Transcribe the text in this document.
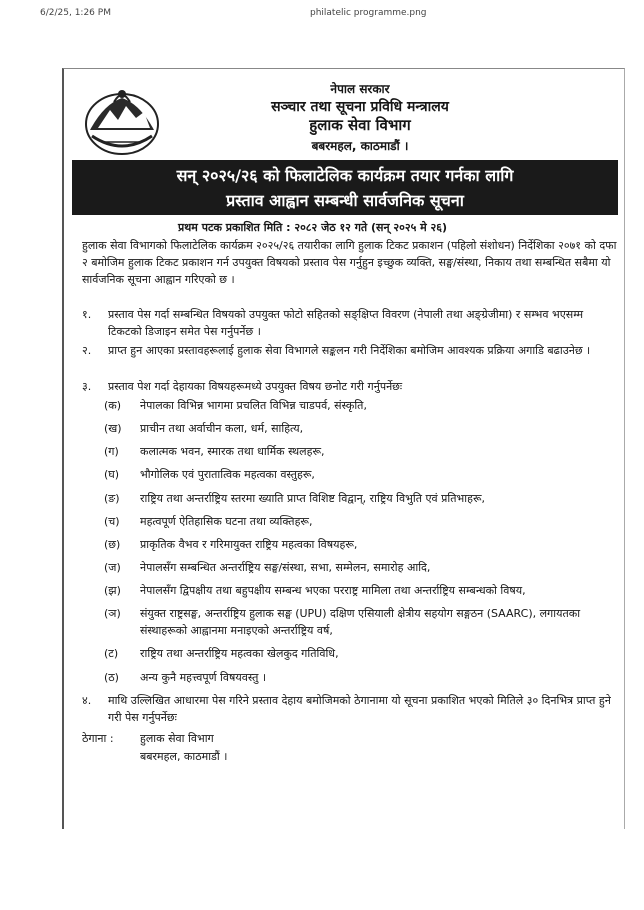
6/2/25, 1:26 PM	philatelic programme.png
नेपाल सरकार
सञ्चार तथा सूचना प्रविधि मन्त्रालय
हुलाक सेवा विभाग
बबरमहल, काठमाडौं ।
सन् २०२५/२६ को फिलाटेलिक कार्यक्रम तयार गर्नका लागि
प्रस्ताव आह्वान सम्बन्धी सार्वजनिक सूचना
प्रथम पटक प्रकाशित मिति : २०८२ जेठ १२ गते (सन् २०२५ मे २६)
हुलाक सेवा विभागको फिलाटेलिक कार्यक्रम २०२५/२६ तयारीका लागि हुलाक टिकट प्रकाशन (पहिलो संशोधन) निर्देशिका २०७१ को दफा २ बमोजिम हुलाक टिकट प्रकाशन गर्न उपयुक्त विषयको प्रस्ताव पेस गर्नुहुन इच्छुक व्यक्ति, सङ्घ/संस्था, निकाय तथा सम्बन्धित सबैमा यो सार्वजनिक सूचना आह्वान गरिएको छ ।
१.	प्रस्ताव पेस गर्दा सम्बन्धित विषयको उपयुक्त फोटो सहितको सङ्क्षिप्त विवरण (नेपाली तथा अङ्ग्रेजीमा) र सम्भव भएसम्म टिकटको डिजाइन समेत पेस गर्नुपर्नेछ ।
२.	प्राप्त हुन आएका प्रस्तावहरूलाई हुलाक सेवा विभागले सङ्कलन गरी निर्देशिका बमोजिम आवश्यक प्रक्रिया अगाडि बढाउनेछ ।
३.	प्रस्ताव पेश गर्दा देहायका विषयहरूमध्ये उपयुक्त विषय छनोट गरी गर्नुपर्नेछः
(क)	नेपालका विभिन्न भागमा प्रचलित विभिन्न चाडपर्व, संस्कृति,
(ख)	प्राचीन तथा अर्वाचीन कला, धर्म, साहित्य,
(ग)	कलात्मक भवन, स्मारक तथा धार्मिक स्थलहरू,
(घ)	भौगोलिक एवं पुरातात्विक महत्वका वस्तुहरू,
(ङ)	राष्ट्रिय तथा अन्तर्राष्ट्रिय स्तरमा ख्याति प्राप्त विशिष्ट विद्वान्, राष्ट्रिय विभुति एवं प्रतिभाहरू,
(च)	महत्वपूर्ण ऐतिहासिक घटना तथा व्यक्तिहरू,
(छ)	प्राकृतिक वैभव र गरिमायुक्त राष्ट्रिय महत्वका विषयहरू,
(ज)	नेपालसँग सम्बन्धित अन्तर्राष्ट्रिय सङ्घ/संस्था, सभा, सम्मेलन, समारोह आदि,
(झ)	नेपालसँग द्विपक्षीय तथा बहुपक्षीय सम्बन्ध भएका परराष्ट्र मामिला तथा अन्तर्राष्ट्रिय सम्बन्धको विषय,
(ञ)	संयुक्त राष्ट्रसङ्घ, अन्तर्राष्ट्रिय हुलाक सङ्घ (UPU) दक्षिण एसियाली क्षेत्रीय सहयोग सङ्गठन (SAARC), लगायतका संस्थाहरूको आह्वानमा मनाइएको अन्तर्राष्ट्रिय वर्ष,
(ट)	राष्ट्रिय तथा अन्तर्राष्ट्रिय महत्वका खेलकुद गतिविधि,
(ठ)	अन्य कुनै महत्त्वपूर्ण विषयवस्तु ।
४.	माथि उल्लिखित आधारमा पेस गरिने प्रस्ताव देहाय बमोजिमको ठेगानामा यो सूचना प्रकाशित भएको मितिले ३० दिनभित्र प्राप्त हुने गरी पेस गर्नुपर्नेछः
ठेगाना : हुलाक सेवा विभाग
बबरमहल, काठमाडौं ।
